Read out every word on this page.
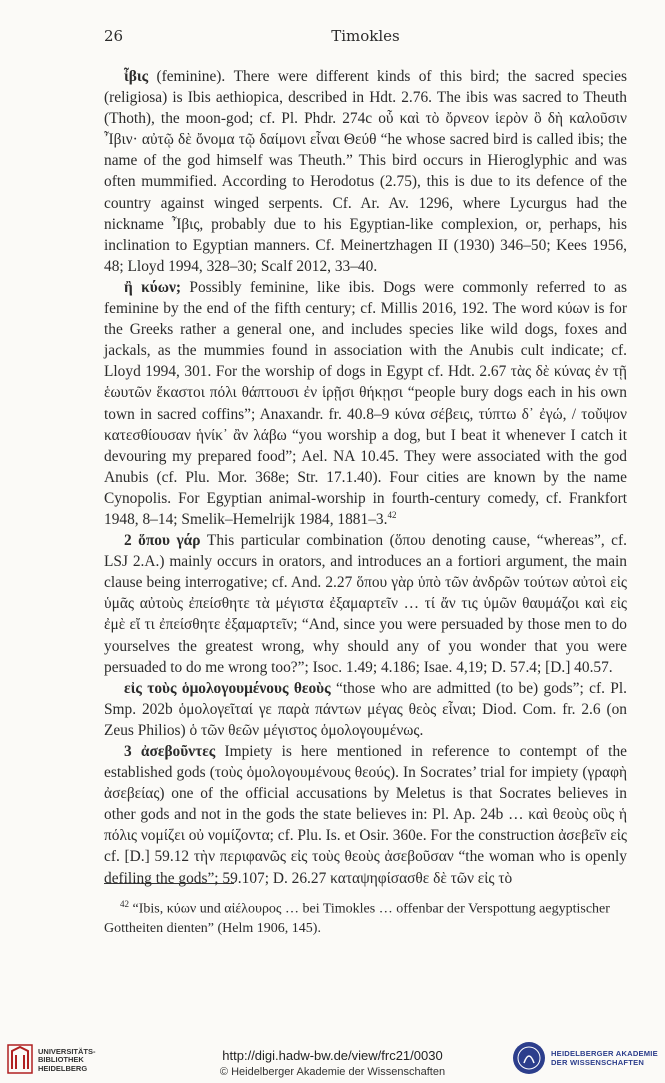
26	Timokles

ἶβις (feminine). There were different kinds of this bird; the sacred species (religiosa) is Ibis aethiopica, described in Hdt. 2.76. The ibis was sacred to Theuth (Thoth), the moon-god; cf. Pl. Phdr. 274c οὗ καὶ τὸ ὄρνεον ἱερὸν ὃ δὴ καλοῦσιν Ἶβιν· αὐτῷ δὲ ὄνομα τῷ δαίμονι εἶναι Θεύθ “he whose sacred bird is called ibis; the name of the god himself was Theuth.” This bird occurs in Hieroglyphic and was often mummified. According to Herodotus (2.75), this is due to its defence of the country against winged serpents. Cf. Ar. Av. 1296, where Lycurgus had the nickname Ἶβις, probably due to his Egyptian-like complexion, or, perhaps, his inclination to Egyptian manners. Cf. Meinertzhagen II (1930) 346–50; Kees 1956, 48; Lloyd 1994, 328–30; Scalf 2012, 33–40.

ἢ κύων; Possibly feminine, like ibis. Dogs were commonly referred to as feminine by the end of the fifth century; cf. Millis 2016, 192. The word κύων is for the Greeks rather a general one, and includes species like wild dogs, foxes and jackals, as the mummies found in association with the Anubis cult indicate; cf. Lloyd 1994, 301. For the worship of dogs in Egypt cf. Hdt. 2.67 τὰς δὲ κύνας ἐν τῇ ἑωυτῶν ἕκαστοι πόλι θάπτουσι ἐν ἱρῇσι θήκῃσι “people bury dogs each in his own town in sacred coffins”; Anaxandr. fr. 40.8–9 κύνα σέβεις, τύπτω δ᾿ ἐγώ, / τοὔψον κατεσθίουσαν ἡνίκ᾿ ἂν λάβω “you worship a dog, but I beat it whenever I catch it devouring my prepared food”; Ael. NA 10.45. They were associated with the god Anubis (cf. Plu. Mor. 368e; Str. 17.1.40). Four cities are known by the name Cynopolis. For Egyptian animal-worship in fourth-century comedy, cf. Frankfort 1948, 8–14; Smelik–Hemelrijk 1984, 1881–3.42

2 ὅπου γάρ This particular combination (ὅπου denoting cause, “whereas”, cf. LSJ 2.A.) mainly occurs in orators, and introduces an a fortiori argument, the main clause being interrogative; cf. And. 2.27 ὅπου γὰρ ὑπὸ τῶν ἀνδρῶν τούτων αὐτοὶ εἰς ὑμᾶς αὐτοὺς ἐπείσθητε τὰ μέγιστα ἐξαμαρτεῖν … τί ἄν τις ὑμῶν θαυμάζοι καὶ εἰς ἐμὲ εἴ τι ἐπείσθητε ἐξαμαρτεῖν; “And, since you were persuaded by those men to do yourselves the greatest wrong, why should any of you wonder that you were persuaded to do me wrong too?”; Isoc. 1.49; 4.186; Isae. 4,19; D. 57.4; [D.] 40.57.

εἰς τοὺς ὁμολογουμένους θεοὺς “those who are admitted (to be) gods”; cf. Pl. Smp. 202b ὁμολογεῖταί γε παρὰ πάντων μέγας θεὸς εἶναι; Diod. Com. fr. 2.6 (on Zeus Philios) ὁ τῶν θεῶν μέγιστος ὁμολογουμένως.

3 ἀσεβοῦντες Impiety is here mentioned in reference to contempt of the established gods (τοὺς ὁμολογουμένους θεούς). In Socrates’ trial for impiety (γραφὴ ἀσεβείας) one of the official accusations by Meletus is that Socrates believes in other gods and not in the gods the state believes in: Pl. Ap. 24b … καὶ θεοὺς οὓς ἡ πόλις νομίζει οὐ νομίζοντα; cf. Plu. Is. et Osir. 360e. For the construction ἀσεβεῖν εἰς cf. [D.] 59.12 τὴν περιφανῶς εἰς τοὺς θεοὺς ἀσεβοῦσαν “the woman who is openly defiling the gods”; 59.107; D. 26.27 καταψηφίσασθε δὲ τῶν εἰς τὸ

$^{42}$ “Ibis, κύων und αἰέλουρος … bei Timokles … offenbar der Verspottung aegyptischer Gottheiten dienten” (Helm 1906, 145).
UNIVERSITÄTS-
BIBLIOTHEK
HEIDELBERG
http://digi.hadw-bw.de/view/frc21/0030
© Heidelberger Akademie der Wissenschaften
HEIDELBERGER AKADEMIE
DER WISSENSCHAFTEN
